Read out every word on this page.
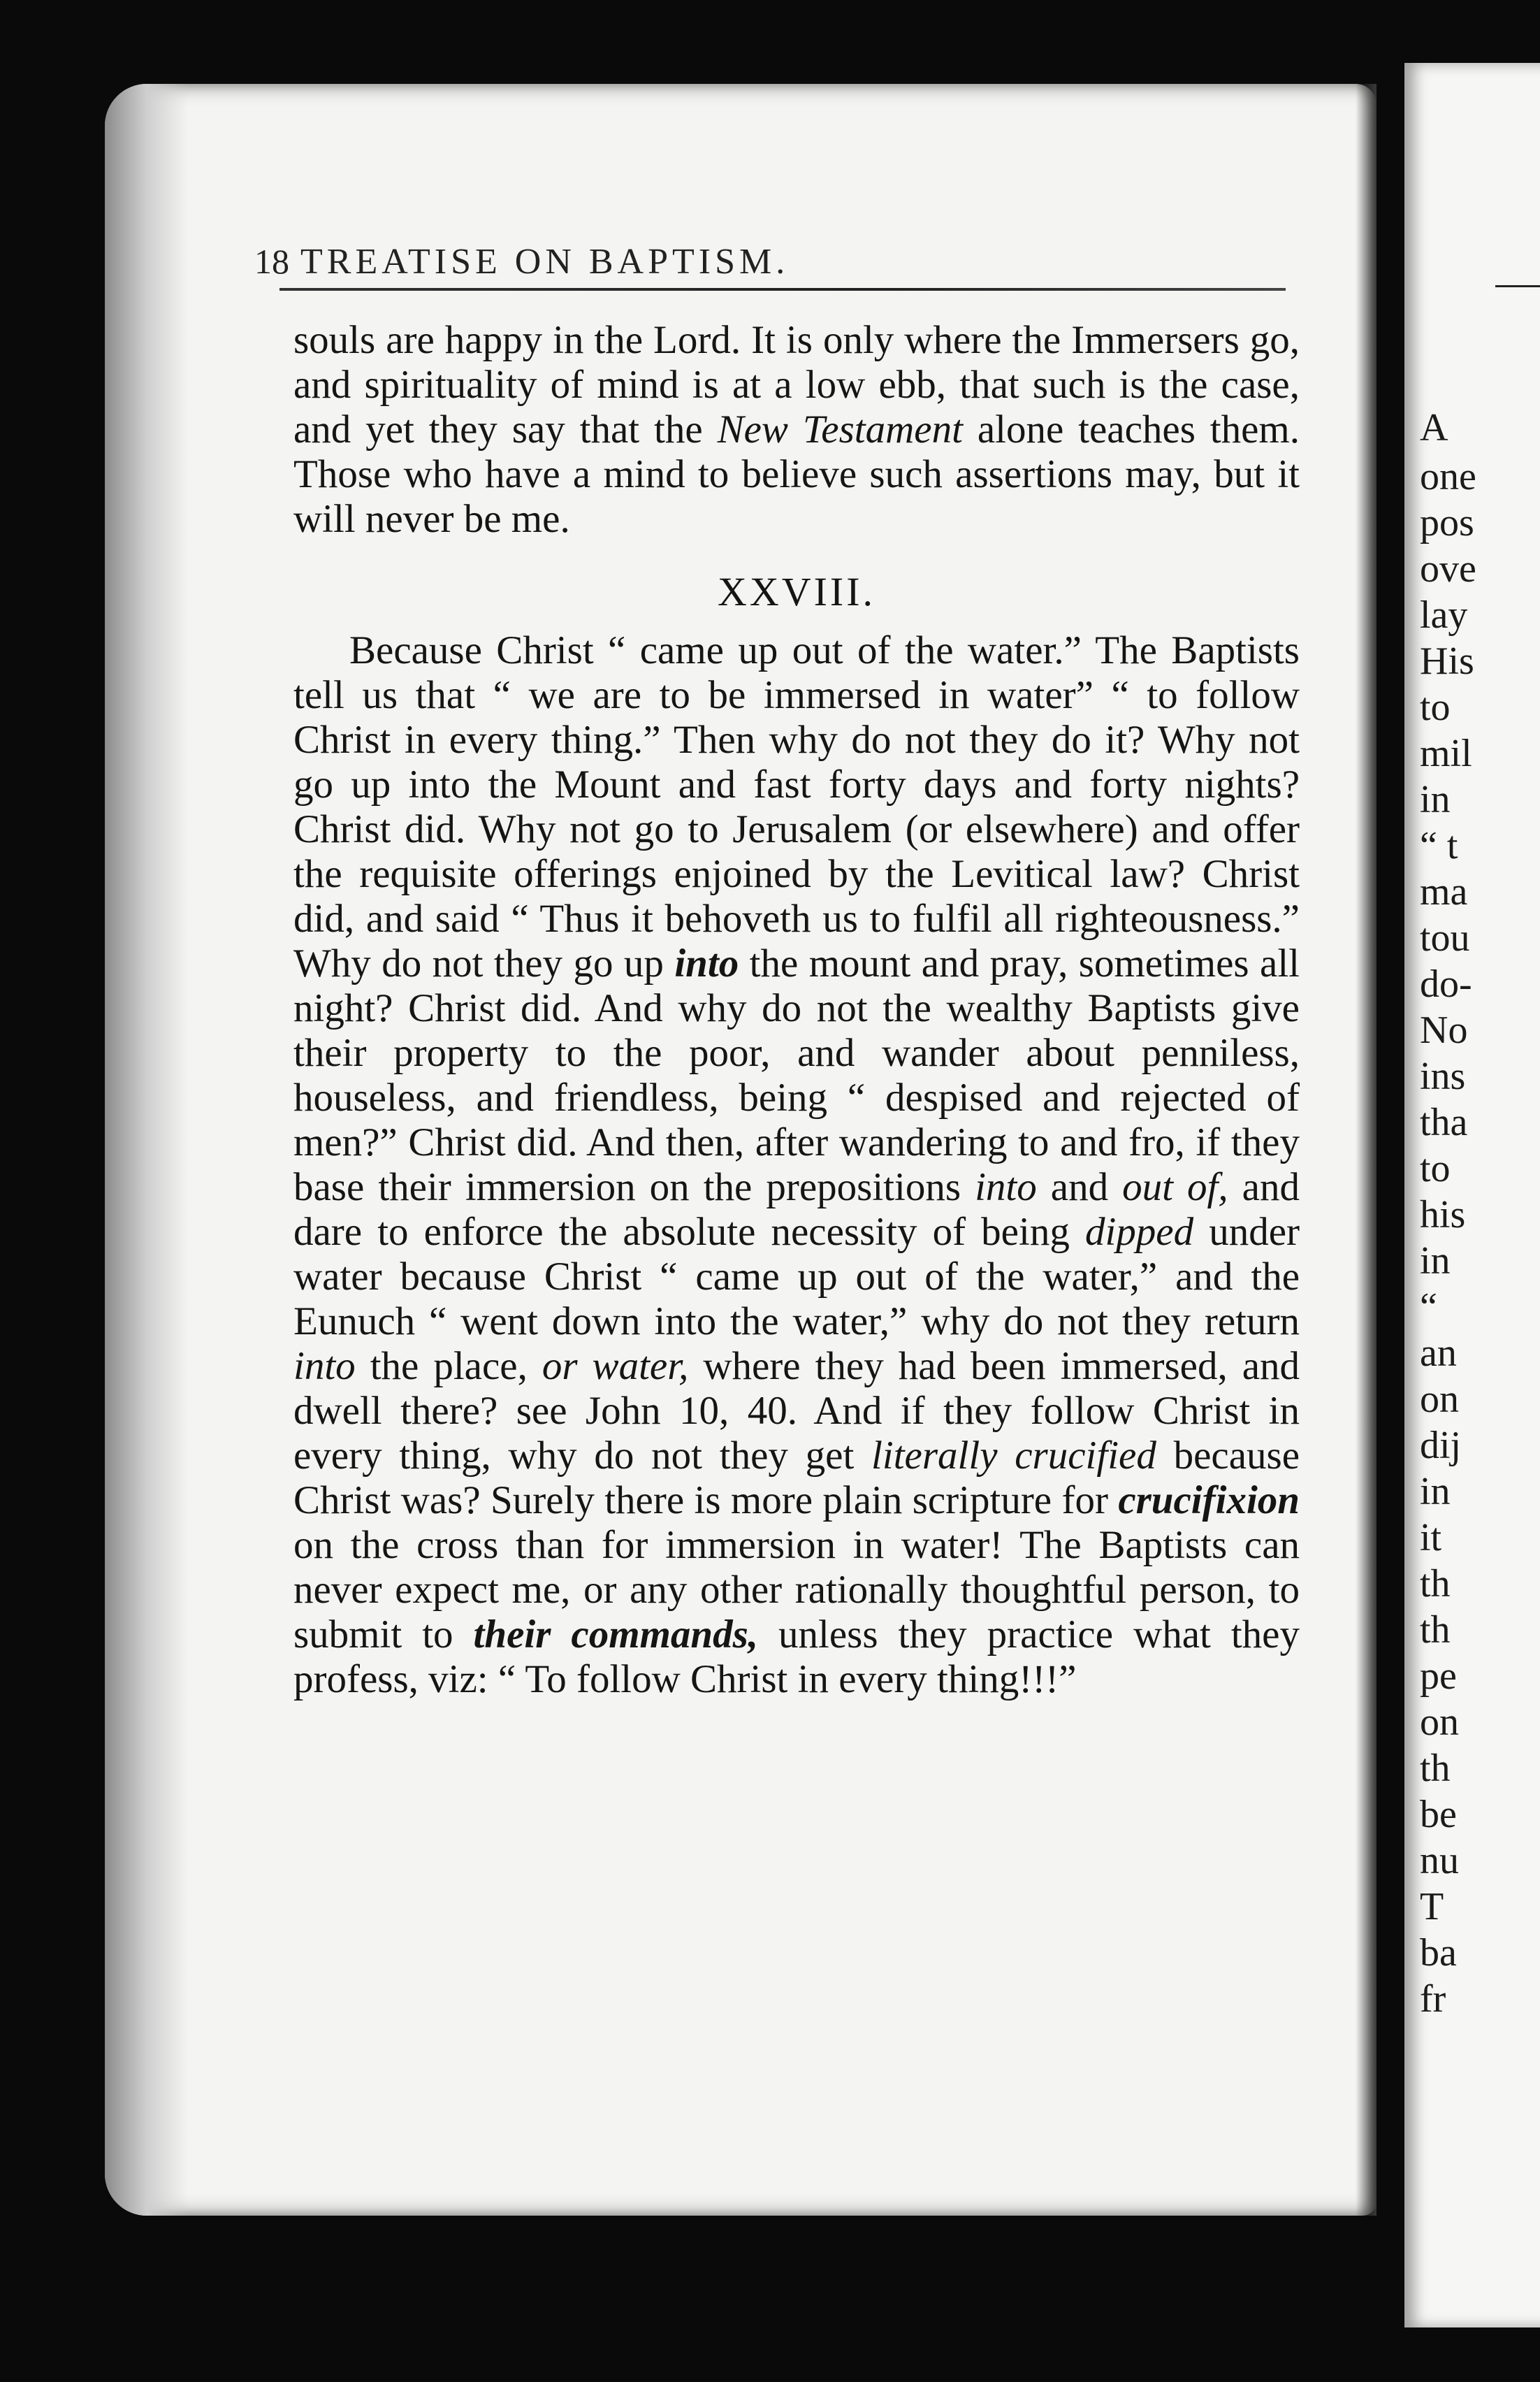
A
one
pos
ove
lay
His
to
mil
in
“ t
ma
tou
do-
No
ins
tha
to
his
in
“
an
on
dij
in
it
th
th
pe
on
th
be
nu
T
ba
fr
18 TREATISE ON BAPTISM.

souls are happy in the Lord. It is only where the Immersers go, and spirituality of mind is at a low ebb, that such is the case, and yet they say that the New Testament alone teaches them. Those who have a mind to believe such assertions may, but it will never be me.

XXVIII.

Because Christ “ came up out of the water.” The Baptists tell us that “ we are to be immersed in water” “ to follow Christ in every thing.” Then why do not they do it? Why not go up into the Mount and fast forty days and forty nights? Christ did. Why not go to Jerusalem (or elsewhere) and offer the requisite offerings enjoined by the Levitical law? Christ did, and said “ Thus it behoveth us to fulfil all righteousness.” Why do not they go up into the mount and pray, sometimes all night? Christ did. And why do not the wealthy Baptists give their property to the poor, and wander about penniless, houseless, and friendless, being “ despised and rejected of men?” Christ did. And then, after wandering to and fro, if they base their immersion on the prepositions into and out of, and dare to enforce the absolute necessity of being dipped under water because Christ “ came up out of the water,” and the Eunuch “ went down into the water,” why do not they return into the place, or water, where they had been immersed, and dwell there? see John 10, 40. And if they follow Christ in every thing, why do not they get literally crucified because Christ was? Surely there is more plain scripture for crucifixion on the cross than for immersion in water! The Baptists can never expect me, or any other rationally thoughtful person, to submit to their commands, unless they practice what they profess, viz: “ To follow Christ in every thing!!!”
